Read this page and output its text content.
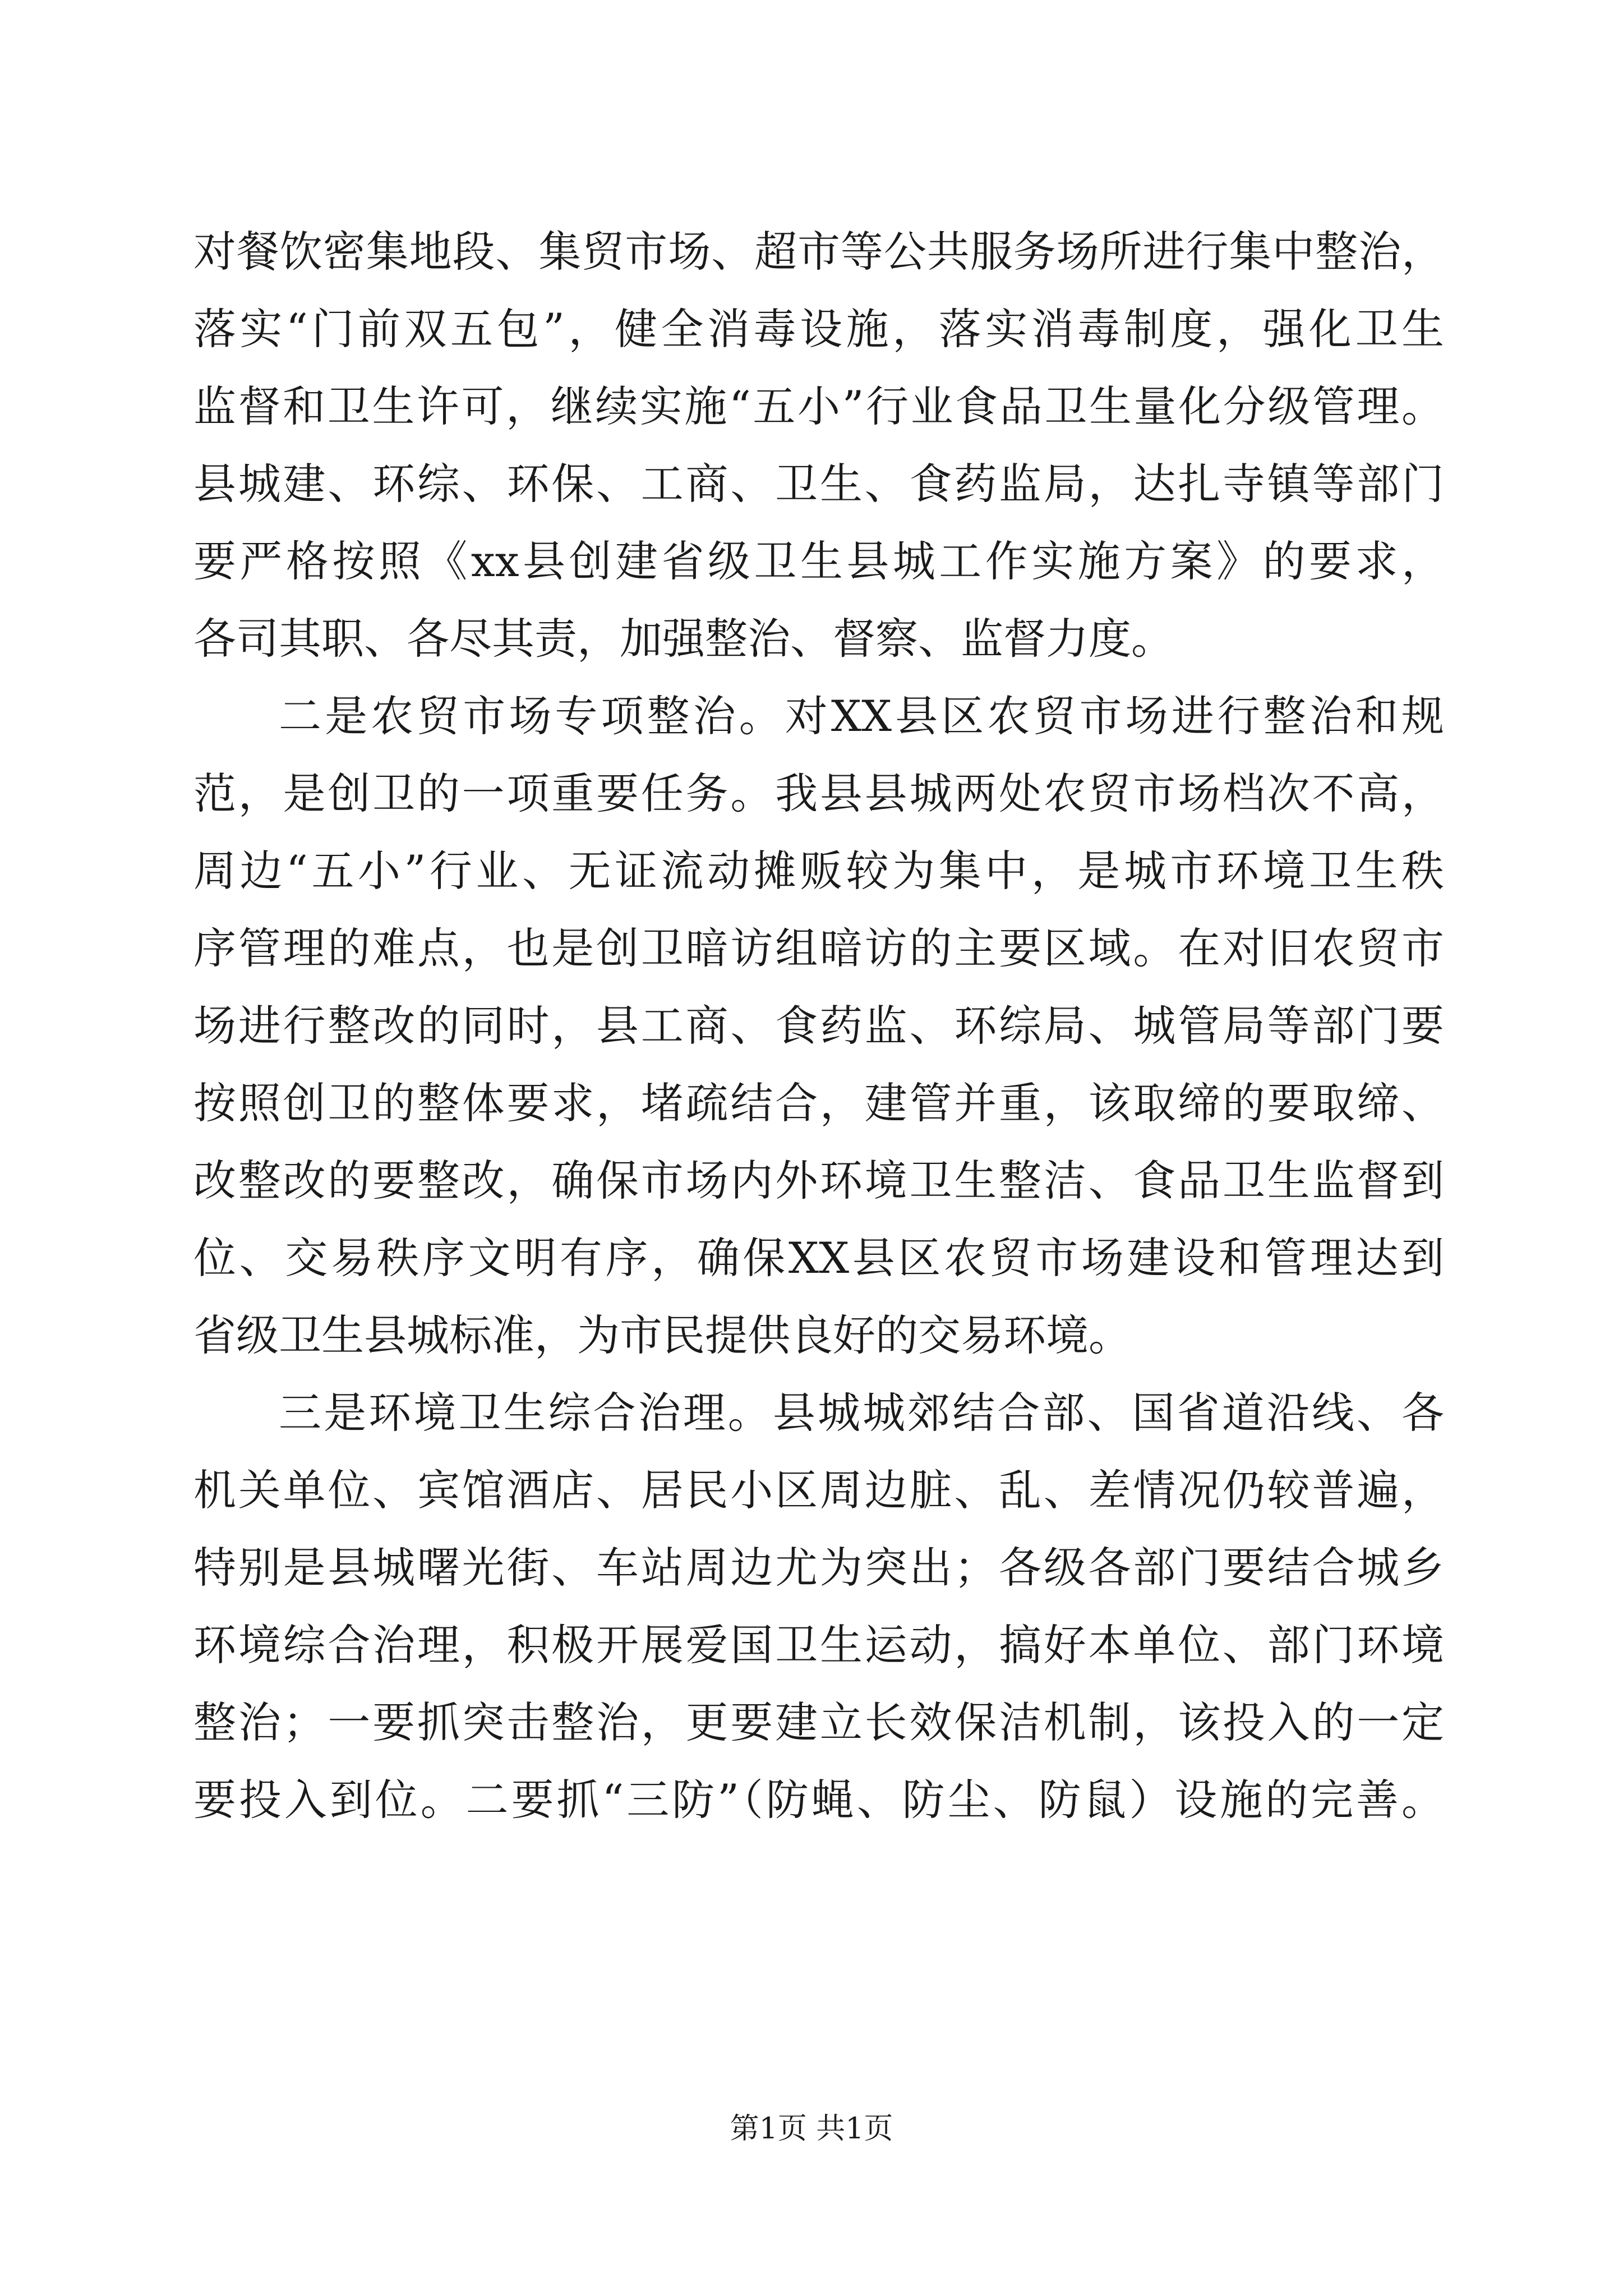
对餐饮密集地段、集贸市场、超市等公共服务场所进行集中整治，
落实“门前双五包”，健全消毒设施，落实消毒制度，强化卫生
监督和卫生许可，继续实施“五小”行业食品卫生量化分级管理。
县城建、环综、环保、工商、卫生、食药监局，达扎寺镇等部门
要严格按照《xx县创建省级卫生县城工作实施方案》的要求，
各司其职、各尽其责，加强整治、督察、监督力度。
二是农贸市场专项整治。对XX县区农贸市场进行整治和规
范，是创卫的一项重要任务。我县县城两处农贸市场档次不高，
周边“五小”行业、无证流动摊贩较为集中，是城市环境卫生秩
序管理的难点，也是创卫暗访组暗访的主要区域。在对旧农贸市
场进行整改的同时，县工商、食药监、环综局、城管局等部门要
按照创卫的整体要求，堵疏结合，建管并重，该取缔的要取缔、
改整改的要整改，确保市场内外环境卫生整洁、食品卫生监督到
位、交易秩序文明有序，确保XX县区农贸市场建设和管理达到
省级卫生县城标准，为市民提供良好的交易环境。
三是环境卫生综合治理。县城城郊结合部、国省道沿线、各
机关单位、宾馆酒店、居民小区周边脏、乱、差情况仍较普遍，
特别是县城曙光街、车站周边尤为突出；各级各部门要结合城乡
环境综合治理，积极开展爱国卫生运动，搞好本单位、部门环境
整治；一要抓突击整治，更要建立长效保洁机制，该投入的一定
要投入到位。二要抓“三防”（防蝇、防尘、防鼠）设施的完善。
第1页 共1页
